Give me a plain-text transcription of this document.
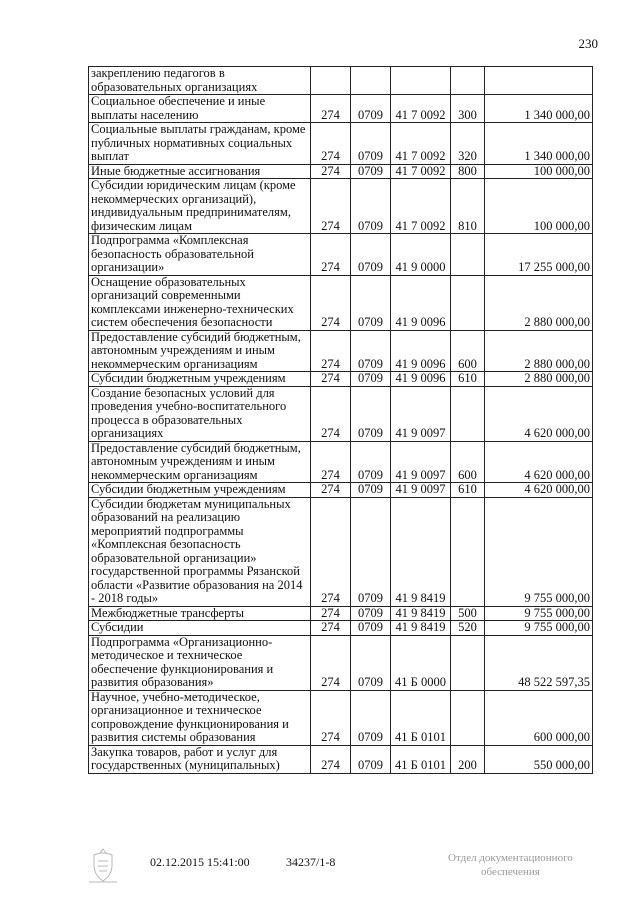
230
закреплению педагогов в образовательных организациях					
Социальное обеспечение и иные выплаты населению	274	0709	41 7 0092	300	1 340 000,00
Социальные выплаты гражданам, кроме публичных нормативных социальных выплат	274	0709	41 7 0092	320	1 340 000,00
Иные бюджетные ассигнования	274	0709	41 7 0092	800	100 000,00
Субсидии юридическим лицам (кроме некоммерческих организаций), индивидуальным предпринимателям, физическим лицам	274	0709	41 7 0092	810	100 000,00
Подпрограмма «Комплексная безопасность образовательной организации»	274	0709	41 9 0000		17 255 000,00
Оснащение образовательных организаций современными комплексами инженерно-технических систем обеспечения безопасности	274	0709	41 9 0096		2 880 000,00
Предоставление субсидий бюджетным, автономным учреждениям и иным некоммерческим организациям	274	0709	41 9 0096	600	2 880 000,00
Субсидии бюджетным учреждениям	274	0709	41 9 0096	610	2 880 000,00
Создание безопасных условий для проведения учебно-воспитательного процесса в образовательных организациях	274	0709	41 9 0097		4 620 000,00
Предоставление субсидий бюджетным, автономным учреждениям и иным некоммерческим организациям	274	0709	41 9 0097	600	4 620 000,00
Субсидии бюджетным учреждениям	274	0709	41 9 0097	610	4 620 000,00
Субсидии бюджетам муниципальных образований на реализацию мероприятий подпрограммы «Комплексная безопасность образовательной организации» государственной программы Рязанской области «Развитие образования на 2014 - 2018 годы»	274	0709	41 9 8419		9 755 000,00
Межбюджетные трансферты	274	0709	41 9 8419	500	9 755 000,00
Субсидии	274	0709	41 9 8419	520	9 755 000,00
Подпрограмма «Организационно-методическое и техническое обеспечение функционирования и развития образования»	274	0709	41 Б 0000		48 522 597,35
Научное, учебно-методическое, организационное и техническое сопровождение функционирования и развития системы образования	274	0709	41 Б 0101		600 000,00
Закупка товаров, работ и услуг для государственных (муниципальных)	274	0709	41 Б 0101	200	550 000,00
02.12.2015 15:41:00	34237/1-8	Отдел документационного
обеспечения
